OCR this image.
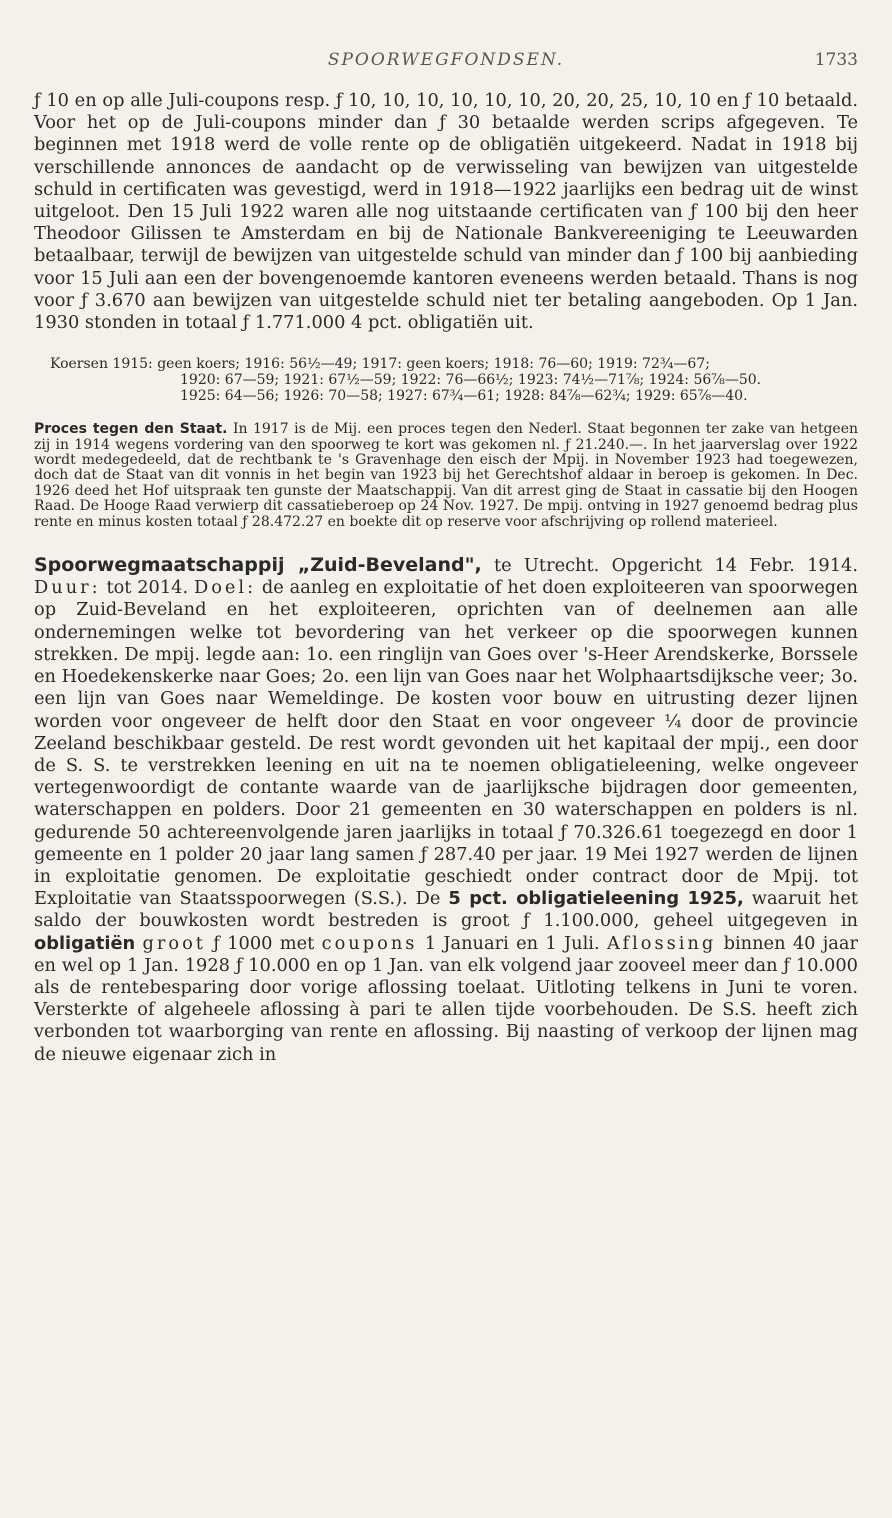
SPOORWEGFONDSEN.	1733

ƒ 10 en op alle Juli-coupons resp. ƒ 10, 10, 10, 10, 10, 10, 20, 20, 25, 10, 10 en ƒ 10 betaald. Voor het op de Juli-coupons minder dan ƒ 30 betaalde werden scrips afgegeven. Te beginnen met 1918 werd de volle rente op de obligatiën uitgekeerd. Nadat in 1918 bij verschillende annonces de aandacht op de verwisseling van bewijzen van uitgestelde schuld in certificaten was gevestigd, werd in 1918—1922 jaarlijks een bedrag uit de winst uitgeloot. Den 15 Juli 1922 waren alle nog uitstaande certificaten van ƒ 100 bij den heer Theodoor Gilissen te Amsterdam en bij de Nationale Bankvereeniging te Leeuwarden betaalbaar, terwijl de bewijzen van uitgestelde schuld van minder dan ƒ 100 bij aanbieding voor 15 Juli aan een der bovengenoemde kantoren eveneens werden betaald. Thans is nog voor ƒ 3.670 aan bewijzen van uitgestelde schuld niet ter betaling aangeboden. Op 1 Jan. 1930 stonden in totaal ƒ 1.771.000 4 pct. obligatiën uit.

Koersen 1915: geen koers; 1916: 56½—49; 1917: geen koers; 1918: 76—60; 1919: 72¾—67;

1920: 67—59; 1921: 67½—59; 1922: 76—66½; 1923: 74½—71⅞; 1924: 56⅞—50.

1925: 64—56; 1926: 70—58; 1927: 67¾—61; 1928: 84⅞—62¾; 1929: 65⅞—40.

Proces tegen den Staat. In 1917 is de Mij. een proces tegen den Nederl. Staat begonnen ter zake van hetgeen zij in 1914 wegens vordering van den spoorweg te kort was gekomen nl. ƒ 21.240.—. In het jaarverslag over 1922 wordt medegedeeld, dat de rechtbank te 's Gravenhage den eisch der Mpij. in November 1923 had toegewezen, doch dat de Staat van dit vonnis in het begin van 1923 bij het Gerechtshof aldaar in beroep is gekomen. In Dec. 1926 deed het Hof uitspraak ten gunste der Maatschappij. Van dit arrest ging de Staat in cassatie bij den Hoogen Raad. De Hooge Raad verwierp dit cassatieberoep op 24 Nov. 1927. De mpij. ontving in 1927 genoemd bedrag plus rente en minus kosten totaal ƒ 28.472.27 en boekte dit op reserve voor afschrijving op rollend materieel.

Spoorwegmaatschappij „Zuid-Beveland", te Utrecht. Opgericht 14 Febr. 1914. Duur: tot 2014. Doel: de aanleg en exploitatie of het doen exploiteeren van spoorwegen op Zuid-Beveland en het exploiteeren, oprichten van of deelnemen aan alle ondernemingen welke tot bevordering van het verkeer op die spoorwegen kunnen strekken. De mpij. legde aan: 1o. een ringlijn van Goes over 's-Heer Arendskerke, Borssele en Hoedekenskerke naar Goes; 2o. een lijn van Goes naar het Wolphaartsdijksche veer; 3o. een lijn van Goes naar Wemeldinge. De kosten voor bouw en uitrusting dezer lijnen worden voor ongeveer de helft door den Staat en voor ongeveer ¼ door de provincie Zeeland beschikbaar gesteld. De rest wordt gevonden uit het kapitaal der mpij., een door de S. S. te verstrekken leening en uit na te noemen obligatieleening, welke ongeveer vertegenwoordigt de contante waarde van de jaarlijksche bijdragen door gemeenten, waterschappen en polders. Door 21 gemeenten en 30 waterschappen en polders is nl. gedurende 50 achtereenvolgende jaren jaarlijks in totaal ƒ 70.326.61 toegezegd en door 1 gemeente en 1 polder 20 jaar lang samen ƒ 287.40 per jaar. 19 Mei 1927 werden de lijnen in exploitatie genomen. De exploitatie geschiedt onder contract door de Mpij. tot Exploitatie van Staatsspoorwegen (S.S.). De 5 pct. obligatieleening 1925, waaruit het saldo der bouwkosten wordt bestreden is groot ƒ 1.100.000, geheel uitgegeven in obligatiën groot ƒ 1000 met coupons 1 Januari en 1 Juli. Aflossing binnen 40 jaar en wel op 1 Jan. 1928 ƒ 10.000 en op 1 Jan. van elk volgend jaar zooveel meer dan ƒ 10.000 als de rentebesparing door vorige aflossing toelaat. Uitloting telkens in Juni te voren. Versterkte of algeheele aflossing à pari te allen tijde voorbehouden. De S.S. heeft zich verbonden tot waarborging van rente en aflossing. Bij naasting of verkoop der lijnen mag de nieuwe eigenaar zich in
